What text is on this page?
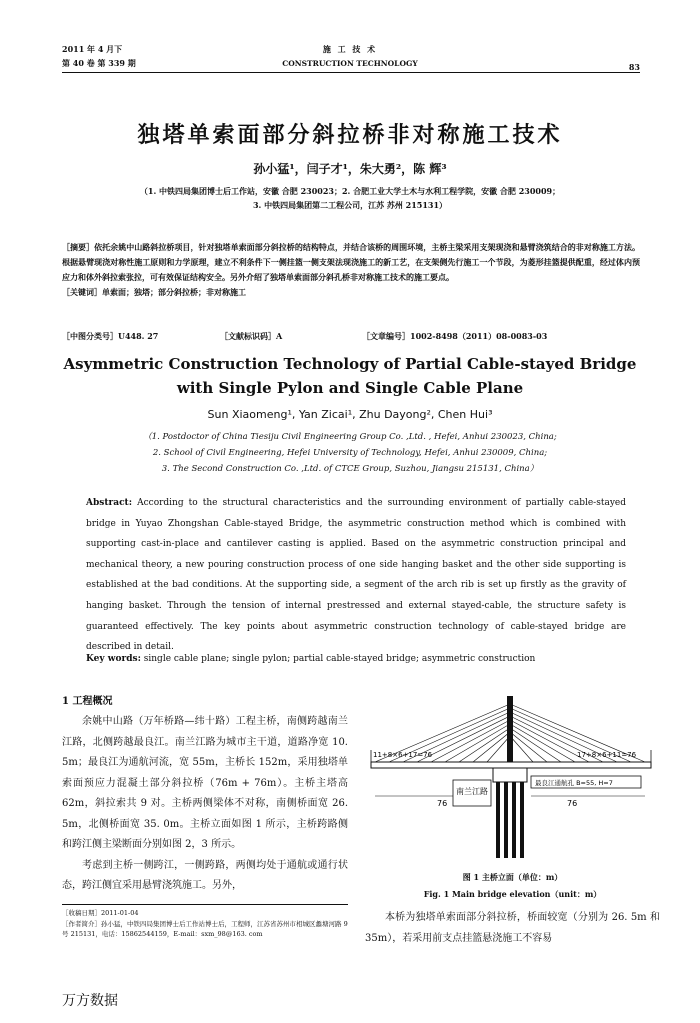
2011 年 4 月下
第 40 卷 第 339 期
施 工 技 术
CONSTRUCTION TECHNOLOGY	83
独塔单索面部分斜拉桥非对称施工技术
孙小猛¹，闫子才¹，朱大勇²，陈 辉³
（1. 中铁四局集团博士后工作站，安徽 合肥 230023；2. 合肥工业大学土木与水利工程学院，安徽 合肥 230009；
3. 中铁四局集团第二工程公司，江苏 苏州 215131）
［摘要］依托余姚中山路斜拉桥项目，针对独塔单索面部分斜拉桥的结构特点，并结合该桥的周围环境，主桥主梁采用支架现浇和悬臂浇筑结合的非对称施工方法。根据悬臂现浇对称性施工原则和力学原理，建立不利条件下一侧挂篮一侧支架法现浇施工的新工艺，在支架侧先行施工一个节段，为菱形挂篮提供配重，经过体内预应力和体外斜拉索张拉，可有效保证结构安全。另外介绍了独塔单索面部分斜孔桥非对称施工技术的施工要点。
［关键词］单索面；独塔；部分斜拉桥；非对称施工
［中图分类号］U448. 27	［文献标识码］A	［文章编号］1002-8498（2011）08-0083-03
Asymmetric Construction Technology of Partial Cable-stayed Bridge
with Single Pylon and Single Cable Plane
Sun Xiaomeng¹, Yan Zicai¹, Zhu Dayong², Chen Hui³
（1. Postdoctor of China Tiesiju Civil Engineering Group Co. ,Ltd. , Hefei, Anhui 230023, China;
2. School of Civil Engineering, Hefei University of Technology, Hefei, Anhui 230009, China;
3. The Second Construction Co. ,Ltd. of CTCE Group, Suzhou, Jiangsu 215131, China）
Abstract: According to the structural characteristics and the surrounding environment of partially cable-stayed bridge in Yuyao Zhongshan Cable-stayed Bridge, the asymmetric construction method which is combined with supporting cast-in-place and cantilever casting is applied. Based on the asymmetric construction principal and mechanical theory, a new pouring construction process of one side hanging basket and the other side supporting is established at the bad conditions. At the supporting side, a segment of the arch rib is set up firstly as the gravity of hanging basket. Through the tension of internal prestressed and external stayed-cable, the structure safety is guaranteed effectively. The key points about asymmetric construction technology of cable-stayed bridge are described in detail.
Key words: single cable plane; single pylon; partial cable-stayed bridge; asymmetric construction
1 工程概况

余姚中山路（万年桥路—纬十路）工程主桥，南侧跨越南兰江路，北侧跨越最良江。南兰江路为城市主干道，道路净宽 10. 5m；最良江为通航河流，宽 55m，主桥长 152m，采用独塔单索面预应力混凝土部分斜拉桥（76m + 76m）。主桥主塔高 62m，斜拉索共 9 对。主桥两侧梁体不对称，南侧桥面宽 26. 5m，北侧桥面宽 35. 0m。主桥立面如图 1 所示，主桥跨路侧和跨江侧主梁断面分别如图 2，3 所示。

考虑到主桥一侧跨江，一侧跨路，两侧均处于通航或通行状态，跨江侧宜采用悬臂浇筑施工。另外，

［收稿日期］2011-01-04
［作者简介］孙小猛，中铁四局集团博士后工作站博士后，工程师，江苏省苏州市相城区蠡塘河路 9 号 215131，电话：15862544159，E-mail：sxm_98@163. com
11+8×6+17=76	17+8×6+11=76
南兰江路
最良江通航孔 B=55, H=7
76	76
图 1 主桥立面（单位：m）
Fig. 1 Main bridge elevation（unit：m）

本桥为独塔单索面部分斜拉桥，桥面较宽（分别为 26. 5m 和 35m），若采用前支点挂篮悬浇施工不容易

万方数据
